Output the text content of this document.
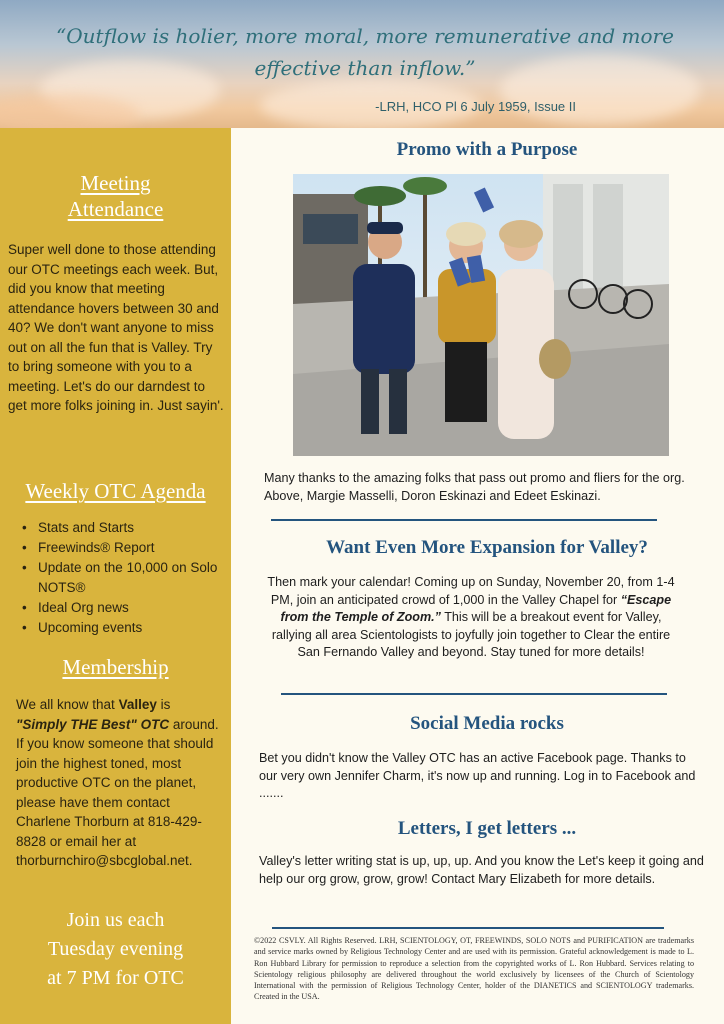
“Outflow is holier, more moral, more remunerative and more
effective than inflow.”
-LRH, HCO Pl 6 July 1959, Issue II
Meeting
Attendance
Super well done to those attending our OTC meetings each week. But, did you know that meeting attendance hovers between 30 and 40? We don't want anyone to miss out on all the fun that is Valley. Try to bring someone with you to a meeting. Let's do our darndest to get more folks joining in. Just sayin'.
Weekly OTC Agenda
• Stats and Starts
• Freewinds® Report
• Update on the 10,000 on Solo NOTS®
• Ideal Org news
• Upcoming events
Membership
We all know that Valley is "Simply THE Best" OTC around. If you know someone that should join the highest toned, most productive OTC on the planet, please have them contact Charlene Thorburn at 818-429-8828 or email her at thorburnchiro@sbcglobal.net.
Join us each
Tuesday evening
at 7 PM for OTC
Promo with a Purpose
Many thanks to the amazing folks that pass out promo and fliers for the org. Above, Margie Masselli, Doron Eskinazi and Edeet Eskinazi.
Want Even More Expansion for Valley?
Then mark your calendar! Coming up on Sunday, November 20, from 1-4 PM, join an anticipated crowd of 1,000 in the Valley Chapel for “Escape from the Temple of Zoom.” This will be a breakout event for Valley, rallying all area Scientologists to joyfully join together to Clear the entire San Fernando Valley and beyond. Stay tuned for more details!
Social Media rocks
Bet you didn't know the Valley OTC has an active Facebook page. Thanks to our very own Jennifer Charm, it's now up and running. Log in to Facebook and .......
Letters, I get letters ...
Valley's letter writing stat is up, up, up. And you know the Let's keep it going and help our org grow, grow, grow! Contact Mary Elizabeth for more details.
©2022 CSVLY. All Rights Reserved. LRH, SCIENTOLOGY, OT, FREEWINDS, SOLO NOTS and PURIFICATION are trademarks and service marks owned by Religious Technology Center and are used with its permission. Grateful acknowledgement is made to L. Ron Hubbard Library for permission to reproduce a selection from the copyrighted works of L. Ron Hubbard. Services relating to Scientology religious philosophy are delivered throughout the world exclusively by licensees of the Church of Scientology International with the permission of Religious Technology Center, holder of the DIANETICS and SCIENTOLOGY trademarks. Created in the USA.
